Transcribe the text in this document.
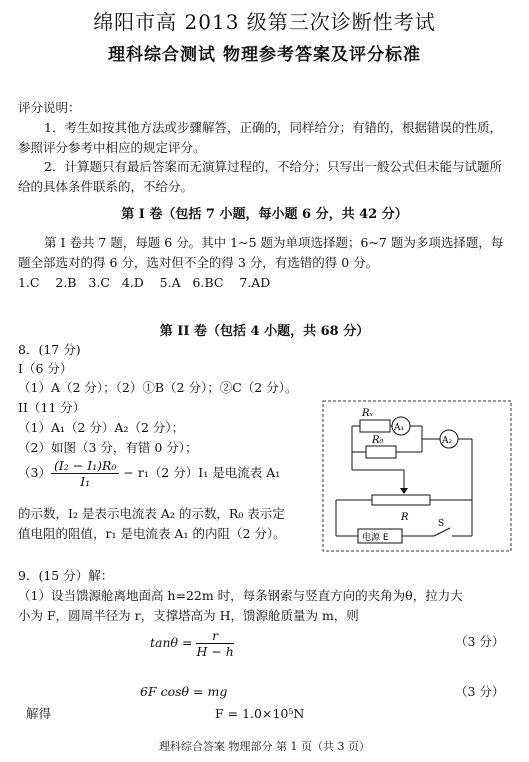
绵阳市高 2013 级第三次诊断性考试
理科综合测试 物理参考答案及评分标准
评分说明：
1．考生如按其他方法或步骤解答，正确的，同样给分；有错的，根据错误的性质，参照评分参考中相应的规定评分。
2．计算题只有最后答案而无演算过程的，不给分；只写出一般公式但未能与试题所给的具体条件联系的，不给分。
第 I 卷（包括 7 小题，每小题 6 分，共 42 分）
第 I 卷共 7 题，每题 6 分。其中 1~5 题为单项选择题；6~7 题为多项选择题，每题全部选对的得 6 分，选对但不全的得 3 分，有选错的得 0 分。
1.C    2.B   3.C   4.D    5.A   6.BC    7.AD
第 II 卷（包括 4 小题，共 68 分）
8．(17 分)
I（6 分）
（1）A（2 分）；（2）①B（2 分）；②C（2 分）。
II（11 分）
（1）A₁（2 分）A₂（2 分）；
（2）如图（3 分，有错 0 分）；
$(3) \frac{\text{(I₂ − I₁)R₀}}{\text{I₁}} - r_1(2$ 分）I₁ 是电流表 A₁
的示数，I₂ 是表示电流表 A₂ 的示数，R₀ 表示定
值电阻的阻值，r₁ 是电流表 A₁ 的内阻（2 分）。
Rₓ
A₁
R₀	A₂
R
电源 E
S
9．(15 分）解：
（1）设当馈源舱离地面高 h=22m 时，每条钢索与竖直方向的夹角为θ，拉力大
小为 F，圆周半径为 r，支撑塔高为 H，馈源舱质量为 m，则
$\tan\theta = \frac{r}{H - h}$	（3 分）
6F cosθ = mg	（3 分）
解得	F = 1.0×10⁵N
理科综合答案 物理部分 第 1 页（共 3 页）
